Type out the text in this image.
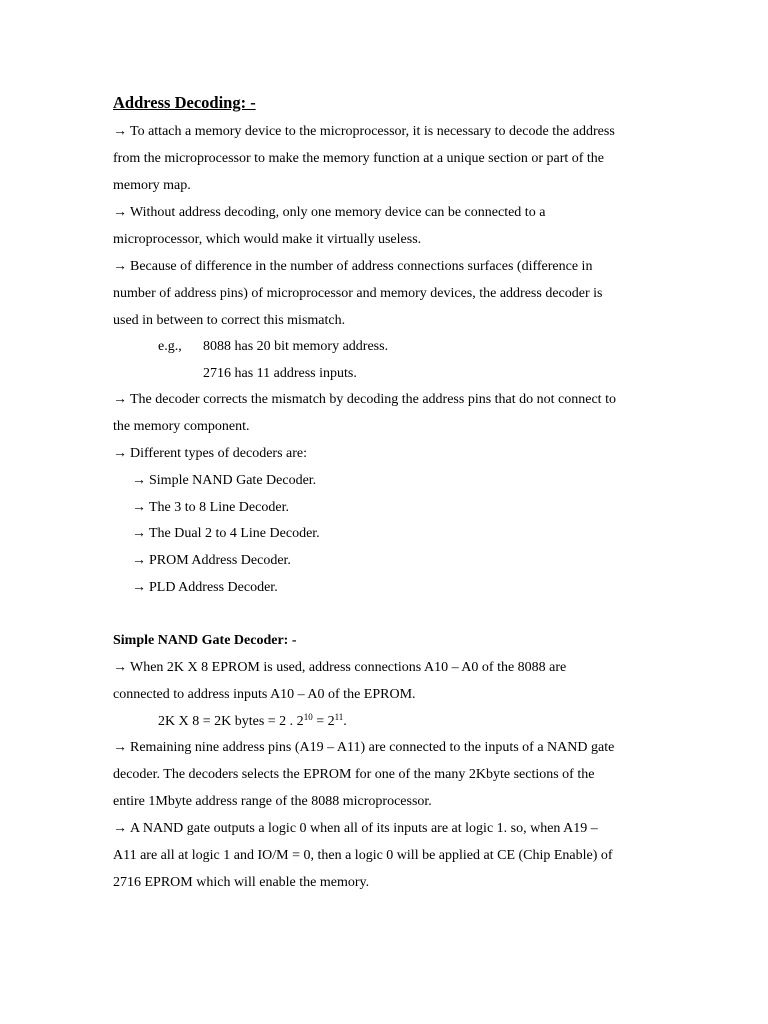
Address Decoding: -
→ To attach a memory device to the microprocessor, it is necessary to decode the address
from the microprocessor to make the memory function at a unique section or part of the
memory map.
→ Without address decoding, only one memory device can be connected to a
microprocessor, which would make it virtually useless.
→ Because of difference in the number of address connections surfaces (difference in
number of address pins) of microprocessor and memory devices, the address decoder is
used in between to correct this mismatch.
e.g., 8088 has 20 bit memory address.
2716 has 11 address inputs.
→ The decoder corrects the mismatch by decoding the address pins that do not connect to
the memory component.
→ Different types of decoders are:
→ Simple NAND Gate Decoder.
→ The 3 to 8 Line Decoder.
→ The Dual 2 to 4 Line Decoder.
→ PROM Address Decoder.
→ PLD Address Decoder.
Simple NAND Gate Decoder: -
→ When 2K X 8 EPROM is used, address connections A10 – A0 of the 8088 are
connected to address inputs A10 – A0 of the EPROM.
2K X 8 = 2K bytes = 2 . $2^{10} = 2^{11}$.
→ Remaining nine address pins (A19 – A11) are connected to the inputs of a NAND gate
decoder. The decoders selects the EPROM for one of the many 2Kbyte sections of the
entire 1Mbyte address range of the 8088 microprocessor.
→ A NAND gate outputs a logic 0 when all of its inputs are at logic 1. so, when A19 –
A11 are all at logic 1 and IO/M = 0, then a logic 0 will be applied at CE (Chip Enable) of
2716 EPROM which will enable the memory.
